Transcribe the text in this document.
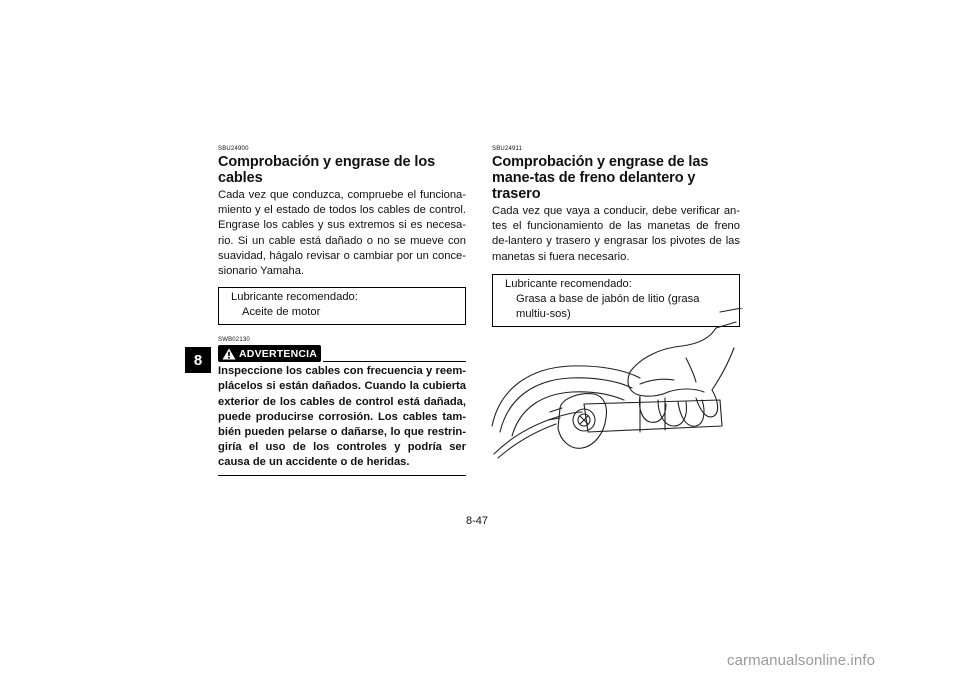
8

SBU24900

Comprobación y engrase de los cables

Cada vez que conduzca, compruebe el funciona-miento y el estado de todos los cables de control. Engrase los cables y sus extremos si es necesa-rio. Si un cable está dañado o no se mueve con suavidad, hágalo revisar o cambiar por un conce-sionario Yamaha.

Lubricante recomendado:
Aceite de motor

SWB02130

ADVERTENCIA

Inspeccione los cables con frecuencia y reem-plácelos si están dañados. Cuando la cubierta exterior de los cables de control está dañada, puede producirse corrosión. Los cables tam-bién pueden pelarse o dañarse, lo que restrin-giría el uso de los controles y podría ser causa de un accidente o de heridas.

SBU24911

Comprobación y engrase de las mane-tas de freno delantero y trasero

Cada vez que vaya a conducir, debe verificar an-tes el funcionamiento de las manetas de freno de-lantero y trasero y engrasar los pivotes de las manetas si fuera necesario.

Lubricante recomendado:
Grasa a base de jabón de litio (grasa multiu-sos)
8-47
carmanualsonline.info
